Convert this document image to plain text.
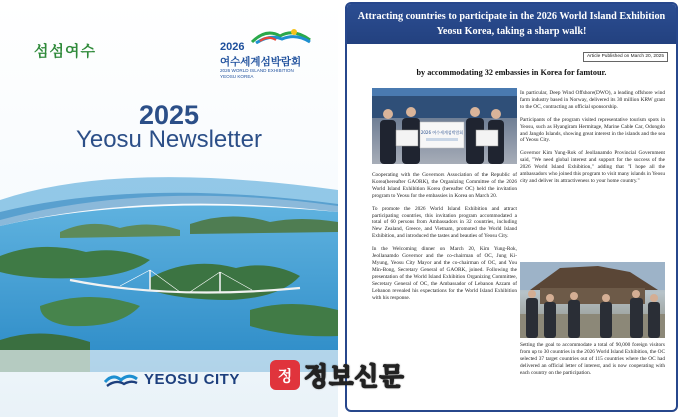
섬섬여수	2026
여수세계섬박람회
2026 WORLD ISLAND EXHIBITION
YEOSU KOREA
2025
Yeosu Newsletter
YEOSU CITY
Attracting countries to participate in the 2026 World Island Exhibition Yeosu Korea, taking a sharp walk!
Article Published on March 20, 2025
by accommodating 32 embassies in Korea for famtour.
2026 여수세계섬박람회

Cooperating with the Governors Association of the Republic of Korea(hereafter GAORK), the Organizing Committee of the 2026 World Island Exhibition Korea (hereafter OC) held the invitation program to Yeosu for the embassies in Korea on March 20.

To promote the 2026 World Island Exhibition and attract participating countries, this invitation program accommodated a total of 60 persons from Ambassadors in 32 countries, including New Zealand, Greece, and Vietnam, promoted the World Island Exhibition, and introduced the tastes and beauties of Yeosu City.

In the Welcoming dinner on March 20, Kim Yung-Rok, Jeollanamdo Governor and the co-chairman of OC, Jung Ki-Myung, Yeosu City Mayor and the co-chairman of OC, and You Min-Bong, Secretary General of GAORK, joined. Following the presentation of the World Island Exhibition Organizing Committee, Secretary General of OC, the Ambassador of Lebanon Azzam of Lebanon revealed his expectations for the World Island Exhibition with his response.

In particular, Deep Wind Offshore(DWO), a leading offshore wind farm industry based in Norway, delivered its 30 million KRW grant to the OC, contracting an official sponsorship.

Participants of the program visited representative tourism spots in Yeosu, such as Hyangiram Hermitage, Marine Cable Car, Odongdo and Jangdo Islands, showing great interest in the islands and the sea of Yeosu City.

Governor Kim Yung-Rok of Jeollanamdo Provincial Government said, "We need global interest and support for the success of the 2026 World Island Exhibition," adding that "I hope all the ambassadors who joined this program to visit many islands in Yeosu city and deliver its attractiveness to your home country."

Setting the goal to accommodate a total of 90,000 foreign visitors from up to 30 countries in the 2026 World Island Exhibition, the OC selected 37 target countries out of 115 countries where the OC had delivered an official letter of interest, and is now cooperating with each country on the participation.

정 정보신문
